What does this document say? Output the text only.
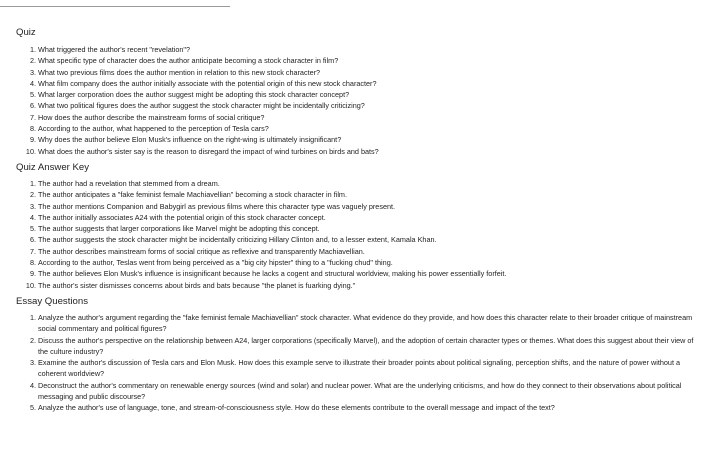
Quiz
1. What triggered the author's recent "revelation"?
2. What specific type of character does the author anticipate becoming a stock character in film?
3. What two previous films does the author mention in relation to this new stock character?
4. What film company does the author initially associate with the potential origin of this new stock character?
5. What larger corporation does the author suggest might be adopting this stock character concept?
6. What two political figures does the author suggest the stock character might be incidentally criticizing?
7. How does the author describe the mainstream forms of social critique?
8. According to the author, what happened to the perception of Tesla cars?
9. Why does the author believe Elon Musk's influence on the right-wing is ultimately insignificant?
10. What does the author's sister say is the reason to disregard the impact of wind turbines on birds and bats?
Quiz Answer Key
1. The author had a revelation that stemmed from a dream.
2. The author anticipates a "fake feminist female Machiavellian" becoming a stock character in film.
3. The author mentions Companion and Babygirl as previous films where this character type was vaguely present.
4. The author initially associates A24 with the potential origin of this stock character concept.
5. The author suggests that larger corporations like Marvel might be adopting this concept.
6. The author suggests the stock character might be incidentally criticizing Hillary Clinton and, to a lesser extent, Kamala Khan.
7. The author describes mainstream forms of social critique as reflexive and transparently Machiavellian.
8. According to the author, Teslas went from being perceived as a "big city hipster" thing to a "fucking chud" thing.
9. The author believes Elon Musk's influence is insignificant because he lacks a cogent and structural worldview, making his power essentially forfeit.
10. The author's sister dismisses concerns about birds and bats because "the planet is fuarking dying."
Essay Questions
1. Analyze the author's argument regarding the "fake feminist female Machiavellian" stock character. What evidence do they provide, and how does this character relate to their broader critique of mainstream social commentary and political figures?
2. Discuss the author's perspective on the relationship between A24, larger corporations (specifically Marvel), and the adoption of certain character types or themes. What does this suggest about their view of the culture industry?
3. Examine the author's discussion of Tesla cars and Elon Musk. How does this example serve to illustrate their broader points about political signaling, perception shifts, and the nature of power without a coherent worldview?
4. Deconstruct the author's commentary on renewable energy sources (wind and solar) and nuclear power. What are the underlying criticisms, and how do they connect to their observations about political messaging and public discourse?
5. Analyze the author's use of language, tone, and stream-of-consciousness style. How do these elements contribute to the overall message and impact of the text?
